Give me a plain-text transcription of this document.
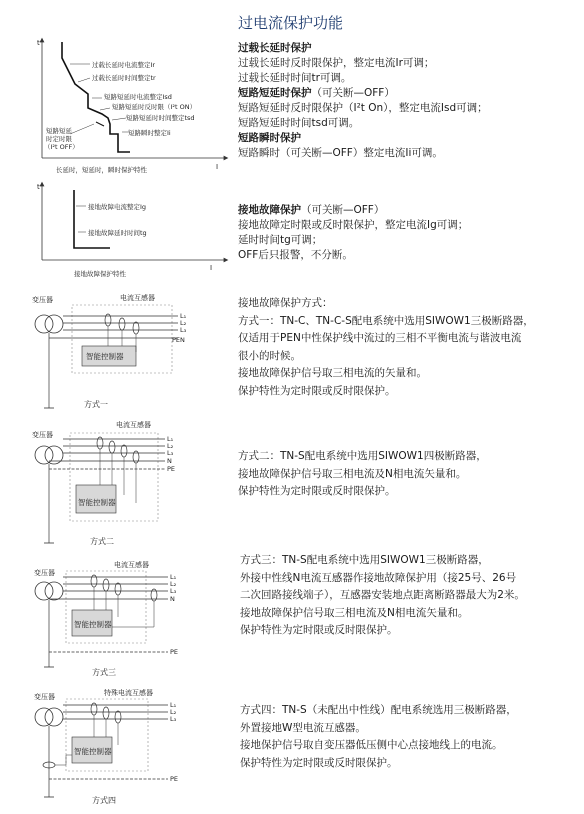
过电流保护功能
过载长延时保护
过载长延时反时限保护，整定电流Ir可调；
过载长延时时间tr可调。
短路短延时保护（可关断—OFF）
短路短延时反时限保护（I²t On），整定电流Isd可调；
短路短延时时间tsd可调。
短路瞬时保护
短路瞬时（可关断—OFF）整定电流Ii可调。
接地故障保护（可关断—OFF）
接地故障定时限或反时限保护，整定电流Ig可调；
延时时间tg可调；
OFF后只报警，不分断。
接地故障保护方式：
方式一：TN-C、TN-C-S配电系统中选用SIWOW1三极断路器，
仅适用于PEN中性保护线中流过的三相不平衡电流与谐波电流
很小的时候。
接地故障保护信号取三相电流的矢量和。
保护特性为定时限或反时限保护。
方式二：TN-S配电系统中选用SIWOW1四极断路器，
接地故障保护信号取三相电流及N相电流矢量和。
保护特性为定时限或反时限保护。
方式三：TN-S配电系统中选用SIWOW1三极断路器，
外接中性线N电流互感器作接地故障保护用（接25号、26号
二次回路接线端子），互感器安装地点距离断路器最大为2米。
接地故障保护信号取三相电流及N相电流矢量和。
保护特性为定时限或反时限保护。
方式四：TN-S（未配出中性线）配电系统选用三极断路器，
外置接地W型电流互感器。
接地保护信号取自变压器低压侧中心点接地线上的电流。
保护特性为定时限或反时限保护。
t
I
过载长延时电流整定Ir
过载长延时时间整定tr
短路短延时电流整定Isd
短路短延时反时限（I²t ON）
短路短延时时间整定tsd
短路瞬时整定Ii
短路短延
时定时限
（I²t OFF）
长延时，短延时，瞬时保护特性
t
I
接地故障电流整定Ig
接地故障延时时间tg
接地故障保护特性
变压器	电流互感器
智能控制器
L₁
L₂
L₃
PEN
方式一
变压器
电流互感器
智能控制器
L₁
L₂
L₃
N
PE
方式二
变压器
电流互感器
智能控制器
L₁
L₂
L₃
N
PE
方式三
变压器	特殊电流互感器
智能控制器
L₁
L₂
L₃
PE
方式四
